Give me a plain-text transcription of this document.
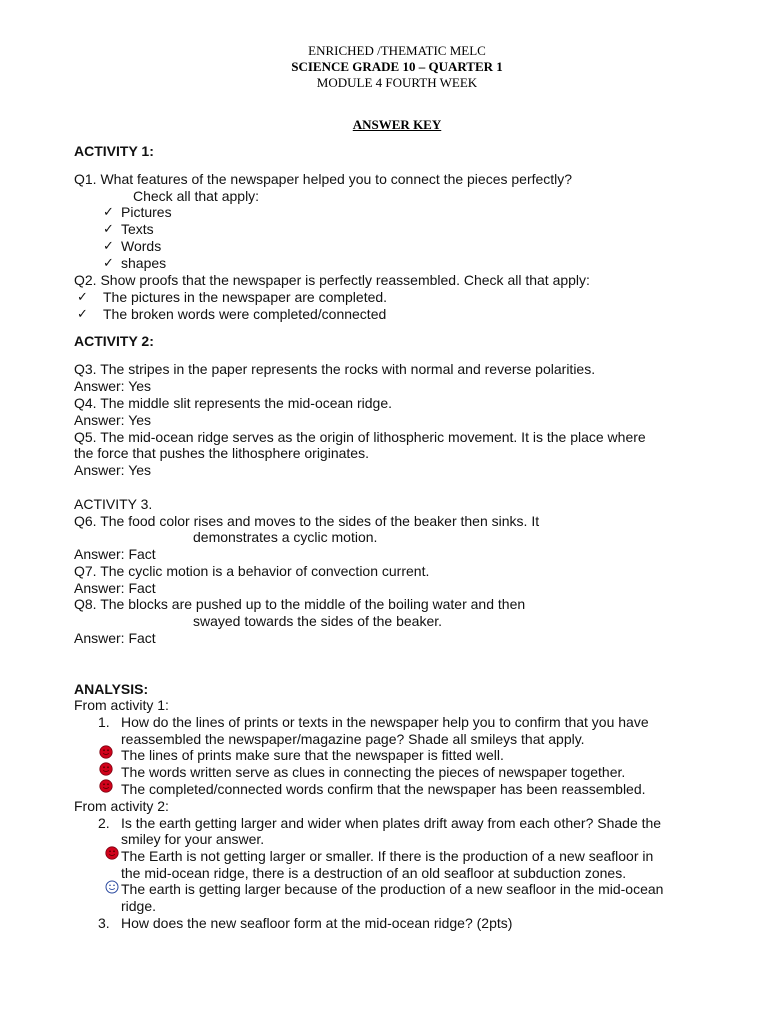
ENRICHED /THEMATIC MELC
SCIENCE GRADE 10 – QUARTER 1
MODULE 4 FOURTH WEEK
ANSWER KEY
ACTIVITY 1:
Q1. What features of the newspaper helped you to connect the pieces perfectly?
Check all that apply:
✓ Pictures
✓ Texts
✓ Words
✓ shapes
Q2. Show proofs that the newspaper is perfectly reassembled. Check all that apply:
✓ The pictures in the newspaper are completed.
✓ The broken words were completed/connected
ACTIVITY 2:
Q3. The stripes in the paper represents the rocks with normal and reverse polarities.
Answer: Yes
Q4. The middle slit represents the mid-ocean ridge.
Answer: Yes
Q5. The mid-ocean ridge serves as the origin of lithospheric movement. It is the place where
the force that pushes the lithosphere originates.
Answer: Yes
ACTIVITY 3.
Q6. The food color rises and moves to the sides of the beaker then sinks. It
demonstrates a cyclic motion.
Answer: Fact
Q7. The cyclic motion is a behavior of convection current.
Answer: Fact
Q8. The blocks are pushed up to the middle of the boiling water and then
swayed towards the sides of the beaker.
Answer: Fact
ANALYSIS:
From activity 1:
1. How do the lines of prints or texts in the newspaper help you to confirm that you have
reassembled the newspaper/magazine page? Shade all smileys that apply.
The lines of prints make sure that the newspaper is fitted well.
The words written serve as clues in connecting the pieces of newspaper together.
The completed/connected words confirm that the newspaper has been reassembled.
From activity 2:
2. Is the earth getting larger and wider when plates drift away from each other? Shade the
smiley for your answer.
The Earth is not getting larger or smaller. If there is the production of a new seafloor in
the mid-ocean ridge, there is a destruction of an old seafloor at subduction zones.
The earth is getting larger because of the production of a new seafloor in the mid-ocean
ridge.
3. How does the new seafloor form at the mid-ocean ridge? (2pts)
